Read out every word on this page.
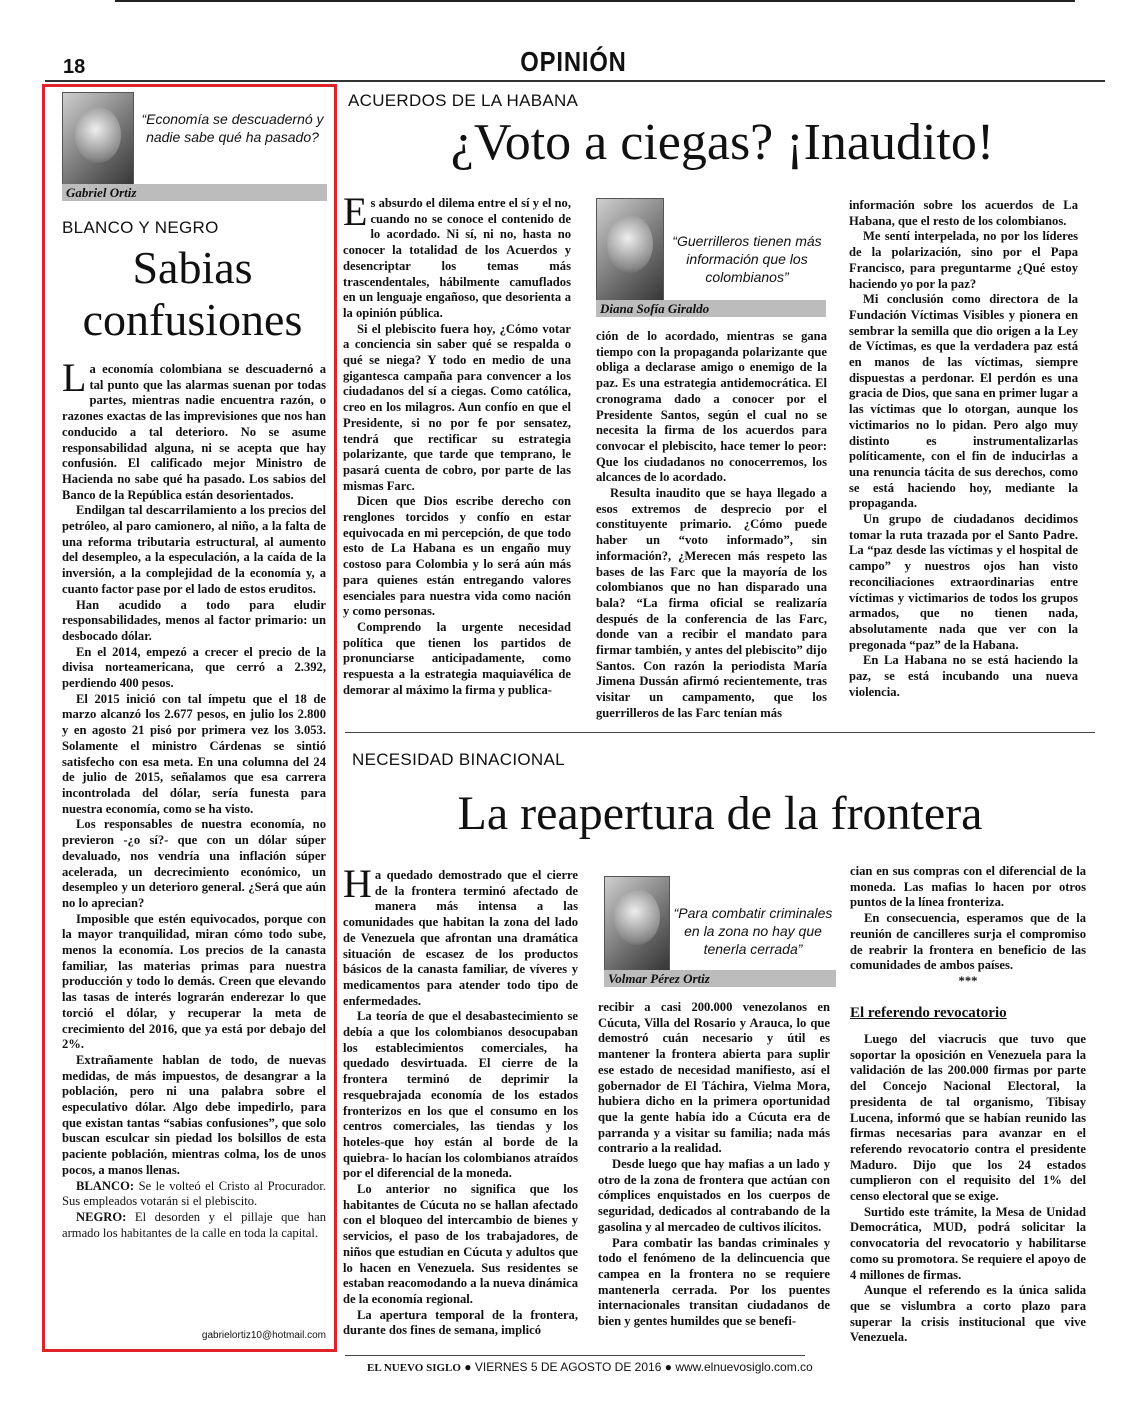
18	OPINIÓN
Gabriel Ortiz
“Economía se descuadernó y nadie sabe qué ha pasado?
BLANCO Y NEGRO
Sabias confusiones

La economía colombiana se descuadernó a tal punto que las alarmas suenan por todas partes, mientras nadie encuentra razón, o razones exactas de las imprevisiones que nos han conducido a tal deterioro. No se asume responsabilidad alguna, ni se acepta que hay confusión. El calificado mejor Ministro de Hacienda no sabe qué ha pasado. Los sabios del Banco de la República están desorientados.

Endilgan tal descarrilamiento a los precios del petróleo, al paro camionero, al niño, a la falta de una reforma tributaria estructural, al aumento del desempleo, a la especulación, a la caída de la inversión, a la complejidad de la economía y, a cuanto factor pase por el lado de estos eruditos.

Han acudido a todo para eludir responsabilidades, menos al factor primario: un desbocado dólar.

En el 2014, empezó a crecer el precio de la divisa norteamericana, que cerró a 2.392, perdiendo 400 pesos.

El 2015 inició con tal ímpetu que el 18 de marzo alcanzó los 2.677 pesos, en julio los 2.800 y en agosto 21 pisó por primera vez los 3.053. Solamente el ministro Cárdenas se sintió satisfecho con esa meta. En una columna del 24 de julio de 2015, señalamos que esa carrera incontrolada del dólar, sería funesta para nuestra economía, como se ha visto.

Los responsables de nuestra economía, no previeron -¿o sí?- que con un dólar súper devaluado, nos vendría una inflación súper acelerada, un decrecimiento económico, un desempleo y un deterioro general. ¿Será que aún no lo aprecian?

Imposible que estén equivocados, porque con la mayor tranquilidad, miran cómo todo sube, menos la economía. Los precios de la canasta familiar, las materias primas para nuestra producción y todo lo demás. Creen que elevando las tasas de interés lograrán enderezar lo que torció el dólar, y recuperar la meta de crecimiento del 2016, que ya está por debajo del 2%.

Extrañamente hablan de todo, de nuevas medidas, de más impuestos, de desangrar a la población, pero ni una palabra sobre el especulativo dólar. Algo debe impedirlo, para que existan tantas “sabias confusiones”, que solo buscan esculcar sin piedad los bolsillos de esta paciente población, mientras colma, los de unos pocos, a manos llenas.

BLANCO: Se le volteó el Cristo al Procurador. Sus empleados votarán si el plebiscito.

NEGRO: El desorden y el pillaje que han armado los habitantes de la calle en toda la capital.

gabrielortiz10@hotmail.com
ACUERDOS DE LA HABANA
¿Voto a ciegas? ¡Inaudito!

Es absurdo el dilema entre el sí y el no, cuando no se conoce el contenido de lo acordado. Ni sí, ni no, hasta no conocer la totalidad de los Acuerdos y desencriptar los temas más trascendentales, hábilmente camuflados en un lenguaje engañoso, que desorienta a la opinión pública.

Si el plebiscito fuera hoy, ¿Cómo votar a conciencia sin saber qué se respalda o qué se niega? Y todo en medio de una gigantesca campaña para convencer a los ciudadanos del sí a ciegas. Como católica, creo en los milagros. Aun confío en que el Presidente, si no por fe por sensatez, tendrá que rectificar su estrategia polarizante, que tarde que temprano, le pasará cuenta de cobro, por parte de las mismas Farc.

Dicen que Dios escribe derecho con renglones torcidos y confío en estar equivocada en mi percepción, de que todo esto de La Habana es un engaño muy costoso para Colombia y lo será aún más para quienes están entregando valores esenciales para nuestra vida como nación y como personas.

Comprendo la urgente necesidad política que tienen los partidos de pronunciarse anticipadamente, como respuesta a la estrategia maquiavélica de demorar al máximo la firma y publica-

Diana Sofía Giraldo
“Guerrilleros tienen más información que los colombianos”

ción de lo acordado, mientras se gana tiempo con la propaganda polarizante que obliga a declarase amigo o enemigo de la paz. Es una estrategia antidemocrática. El cronograma dado a conocer por el Presidente Santos, según el cual no se necesita la firma de los acuerdos para convocar el plebiscito, hace temer lo peor: Que los ciudadanos no conocerremos, los alcances de lo acordado.

Resulta inaudito que se haya llegado a esos extremos de desprecio por el constituyente primario. ¿Cómo puede haber un “voto informado”, sin información?, ¿Merecen más respeto las bases de las Farc que la mayoría de los colombianos que no han disparado una bala? “La firma oficial se realizaría después de la conferencia de las Farc, donde van a recibir el mandato para firmar también, y antes del plebiscito” dijo Santos. Con razón la periodista María Jimena Dussán afirmó recientemente, tras visitar un campamento, que los guerrilleros de las Farc tenían más

información sobre los acuerdos de La Habana, que el resto de los colombianos.

Me sentí interpelada, no por los líderes de la polarización, sino por el Papa Francisco, para preguntarme ¿Qué estoy haciendo yo por la paz?

Mi conclusión como directora de la Fundación Víctimas Visibles y pionera en sembrar la semilla que dio origen a la Ley de Víctimas, es que la verdadera paz está en manos de las víctimas, siempre dispuestas a perdonar. El perdón es una gracia de Dios, que sana en primer lugar a las víctimas que lo otorgan, aunque los victimarios no lo pidan. Pero algo muy distinto es instrumentalizarlas políticamente, con el fin de inducirlas a una renuncia tácita de sus derechos, como se está haciendo hoy, mediante la propaganda.

Un grupo de ciudadanos decidimos tomar la ruta trazada por el Santo Padre. La “paz desde las víctimas y el hospital de campo” y nuestros ojos han visto reconciliaciones extraordinarias entre víctimas y victimarios de todos los grupos armados, que no tienen nada, absolutamente nada que ver con la pregonada “paz” de la Habana.

En La Habana no se está haciendo la paz, se está incubando una nueva violencia.

NECESIDAD BINACIONAL
La reapertura de la frontera

Ha quedado demostrado que el cierre de la frontera terminó afectado de manera más intensa a las comunidades que habitan la zona del lado de Venezuela que afrontan una dramática situación de escasez de los productos básicos de la canasta familiar, de víveres y medicamentos para atender todo tipo de enfermedades.

La teoría de que el desabastecimiento se debía a que los colombianos desocupaban los establecimientos comerciales, ha quedado desvirtuada. El cierre de la frontera terminó de deprimir la resquebrajada economía de los estados fronterizos en los que el consumo en los centros comerciales, las tiendas y los hoteles-que hoy están al borde de la quiebra- lo hacían los colombianos atraídos por el diferencial de la moneda.

Lo anterior no significa que los habitantes de Cúcuta no se hallan afectado con el bloqueo del intercambio de bienes y servicios, el paso de los trabajadores, de niños que estudian en Cúcuta y adultos que lo hacen en Venezuela. Sus residentes se estaban reacomodando a la nueva dinámica de la economía regional.

La apertura temporal de la frontera, durante dos fines de semana, implicó

Volmar Pérez Ortiz
“Para combatir criminales en la zona no hay que tenerla cerrada”

recibir a casi 200.000 venezolanos en Cúcuta, Villa del Rosario y Arauca, lo que demostró cuán necesario y útil es mantener la frontera abierta para suplir ese estado de necesidad manifiesto, así el gobernador de El Táchira, Vielma Mora, hubiera dicho en la primera oportunidad que la gente había ido a Cúcuta era de parranda y a visitar su familia; nada más contrario a la realidad.

Desde luego que hay mafias a un lado y otro de la zona de frontera que actúan con cómplices enquistados en los cuerpos de seguridad, dedicados al contrabando de la gasolina y al mercadeo de cultivos ilícitos.

Para combatir las bandas criminales y todo el fenómeno de la delincuencia que campea en la frontera no se requiere mantenerla cerrada. Por los puentes internacionales transitan ciudadanos de bien y gentes humildes que se benefi-

cian en sus compras con el diferencial de la moneda. Las mafias lo hacen por otros puntos de la línea fronteriza.

En consecuencia, esperamos que de la reunión de cancilleres surja el compromiso de reabrir la frontera en beneficio de las comunidades de ambos países.

***

El referendo revocatorio

Luego del viacrucis que tuvo que soportar la oposición en Venezuela para la validación de las 200.000 firmas por parte del Concejo Nacional Electoral, la presidenta de tal organismo, Tibisay Lucena, informó que se habían reunido las firmas necesarias para avanzar en el referendo revocatorio contra el presidente Maduro. Dijo que los 24 estados cumplieron con el requisito del 1% del censo electoral que se exige.

Surtido este trámite, la Mesa de Unidad Democrática, MUD, podrá solicitar la convocatoria del revocatorio y habilitarse como su promotora. Se requiere el apoyo de 4 millones de firmas.

Aunque el referendo es la única salida que se vislumbra a corto plazo para superar la crisis institucional que vive Venezuela.

EL NUEVO SIGLO ● VIERNES 5 DE AGOSTO DE 2016 ● www.elnuevosiglo.com.co
